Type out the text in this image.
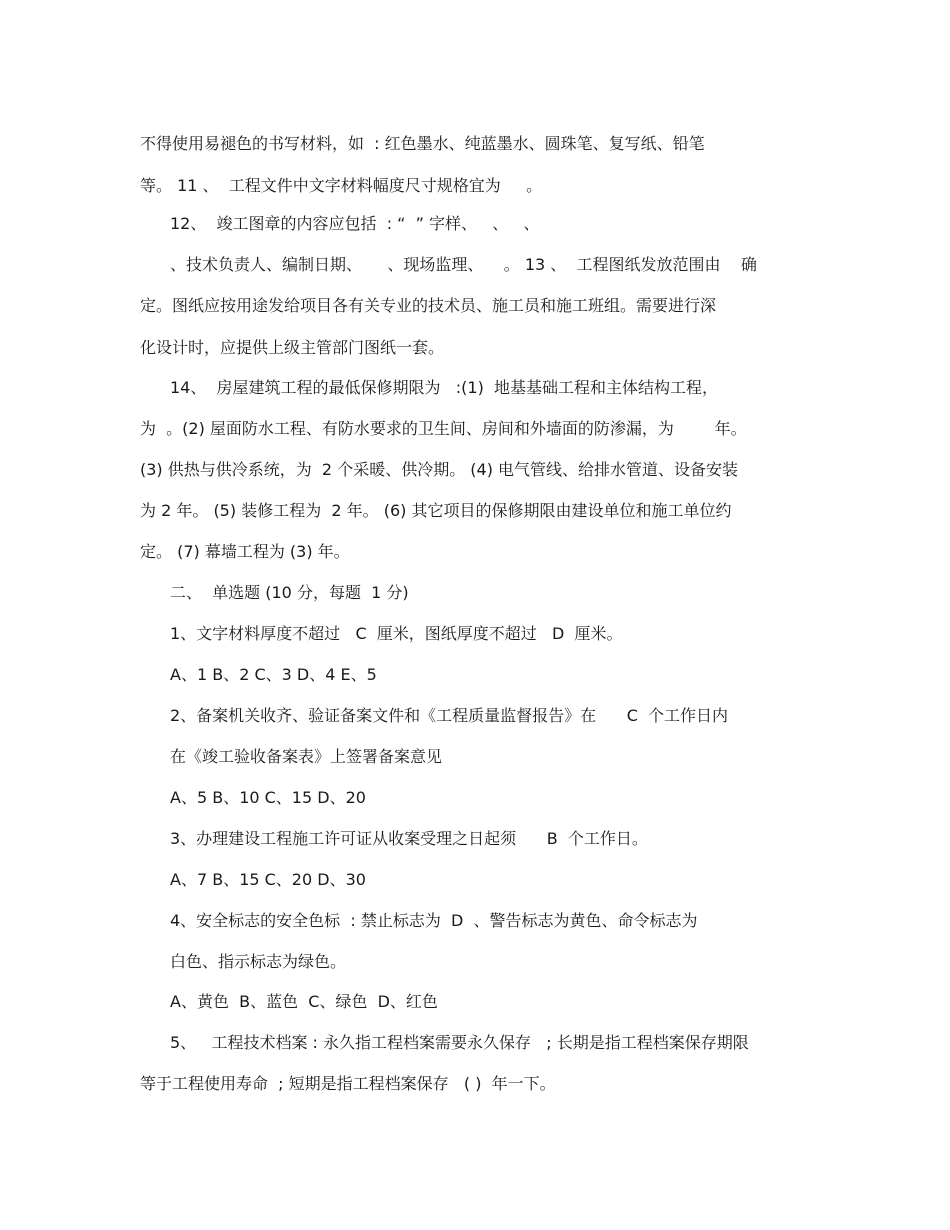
不得使用易褪色的书写材料，如  : 红色墨水、纯蓝墨水、圆珠笔、复写纸、铅笔

等。 11 、  工程文件中文字材料幅度尺寸规格宜为     。

12、  竣工图章的内容应包括  : “  ” 字样、   、   、

、技术负责人、编制日期、     、现场监理、    。 13 、  工程图纸发放范围由    确

定。图纸应按用途发给项目各有关专业的技术员、施工员和施工班组。需要进行深

化设计时，应提供上级主管部门图纸一套。

14、  房屋建筑工程的最低保修期限为   :(1)  地基基础工程和主体结构工程，

为  。(2) 屋面防水工程、有防水要求的卫生间、房间和外墙面的防渗漏，为        年。

(3) 供热与供冷系统，为  2 个采暖、供冷期。 (4) 电气管线、给排水管道、设备安装

为 2 年。 (5) 装修工程为  2 年。 (6) 其它项目的保修期限由建设单位和施工单位约

定。 (7) 幕墙工程为 (3) 年。

二、  单选题 (10 分，每题  1 分)

1、文字材料厚度不超过   C  厘米，图纸厚度不超过   D  厘米。

A、1 B、2 C、3 D、4 E、5

2、备案机关收齐、验证备案文件和《工程质量监督报告》在      C  个工作日内

在《竣工验收备案表》上签署备案意见

A、5 B、10 C、15 D、20

3、办理建设工程施工许可证从收案受理之日起须      B  个工作日。

A、7 B、15 C、20 D、30

4、安全标志的安全色标  : 禁止标志为  D  、警告标志为黄色、命令标志为

白色、指示标志为绿色。

A、黄色  B、蓝色  C、绿色  D、红色

5、   工程技术档案 : 永久指工程档案需要永久保存   ; 长期是指工程档案保存期限

等于工程使用寿命  ; 短期是指工程档案保存   ( )  年一下。
